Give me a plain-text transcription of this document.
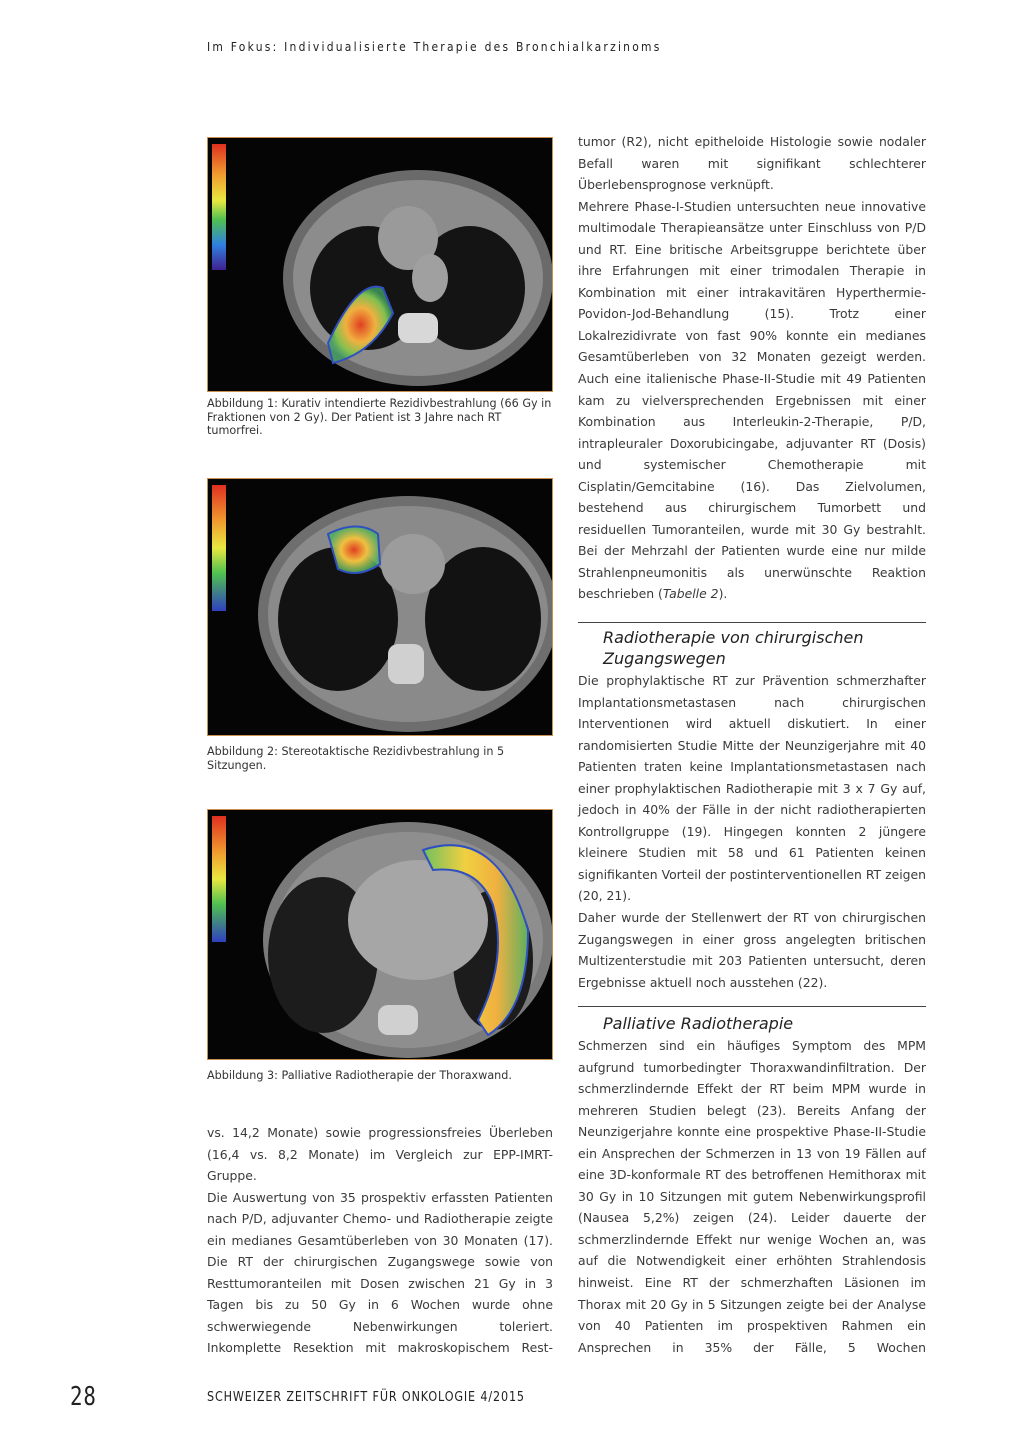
Im Fokus: Individualisierte Therapie des Bronchialkarzinoms
Abbildung 1: Kurativ intendierte Rezidivbestrahlung (66 Gy in Fraktionen von 2 Gy). Der Patient ist 3 Jahre nach RT tumorfrei.
Abbildung 2: Stereotaktische Rezidivbestrahlung in 5 Sitzungen.
Abbildung 3: Palliative Radiotherapie der Thoraxwand.

vs. 14,2 Monate) sowie progressionsfreies Überleben (16,4 vs. 8,2 Monate) im Vergleich zur EPP-IMRT-Gruppe.

Die Auswertung von 35 prospektiv erfassten Patienten nach P/D, adjuvanter Chemo- und Radiotherapie zeigte ein medianes Gesamtüberleben von 30 Monaten (17). Die RT der chirurgischen Zugangswege sowie von Resttumoranteilen mit Dosen zwischen 21 Gy in 3 Tagen bis zu 50 Gy in 6 Wochen wurde ohne schwerwiegende Nebenwirkungen toleriert. Inkomplette Resektion mit makroskopischem Rest-

tumor (R2), nicht epitheloide Histologie sowie nodaler Befall waren mit signifikant schlechterer Überlebensprognose verknüpft.

Mehrere Phase-I-Studien untersuchten neue innovative multimodale Therapieansätze unter Einschluss von P/D und RT. Eine britische Arbeitsgruppe berichtete über ihre Erfahrungen mit einer trimodalen Therapie in Kombination mit einer intrakavitären Hyperthermie-Povidon-Jod-Behandlung (15). Trotz einer Lokalrezidivrate von fast 90% konnte ein medianes Gesamtüberleben von 32 Monaten gezeigt werden. Auch eine italienische Phase-II-Studie mit 49 Patienten kam zu vielversprechenden Ergebnissen mit einer Kombination aus Interleukin-2-Therapie, P/D, intrapleuraler Doxorubicingabe, adjuvanter RT (Dosis) und systemischer Chemotherapie mit Cisplatin/Gemcitabine (16). Das Zielvolumen, bestehend aus chirurgischem Tumorbett und residuellen Tumoranteilen, wurde mit 30 Gy bestrahlt. Bei der Mehrzahl der Patienten wurde eine nur milde Strahlenpneumonitis als unerwünschte Reaktion beschrieben (Tabelle 2).

Radiotherapie von chirurgischen Zugangswegen

Die prophylaktische RT zur Prävention schmerzhafter Implantationsmetastasen nach chirurgischen Interventionen wird aktuell diskutiert. In einer randomisierten Studie Mitte der Neunzigerjahre mit 40 Patienten traten keine Implantationsmetastasen nach einer prophylaktischen Radiotherapie mit 3 x 7 Gy auf, jedoch in 40% der Fälle in der nicht radiotherapierten Kontrollgruppe (19). Hingegen konnten 2 jüngere kleinere Studien mit 58 und 61 Patienten keinen signifikanten Vorteil der postinterventionellen RT zeigen (20, 21).

Daher wurde der Stellenwert der RT von chirurgischen Zugangswegen in einer gross angelegten britischen Multizenterstudie mit 203 Patienten untersucht, deren Ergebnisse aktuell noch ausstehen (22).

Palliative Radiotherapie

Schmerzen sind ein häufiges Symptom des MPM aufgrund tumorbedingter Thoraxwandinfiltration. Der schmerzlindernde Effekt der RT beim MPM wurde in mehreren Studien belegt (23). Bereits Anfang der Neunzigerjahre konnte eine prospektive Phase-II-Studie ein Ansprechen der Schmerzen in 13 von 19 Fällen auf eine 3D-konformale RT des betroffenen Hemithorax mit 30 Gy in 10 Sitzungen mit gutem Nebenwirkungsprofil (Nausea 5,2%) zeigen (24). Leider dauerte der schmerzlindernde Effekt nur wenige Wochen an, was auf die Notwendigkeit einer erhöhten Strahlendosis hinweist. Eine RT der schmerzhaften Läsionen im Thorax mit 20 Gy in 5 Sitzungen zeigte bei der Analyse von 40 Patienten im prospektiven Rahmen ein Ansprechen in 35% der Fälle, 5 Wochen

28	SCHWEIZER ZEITSCHRIFT FÜR ONKOLOGIE 4/2015
